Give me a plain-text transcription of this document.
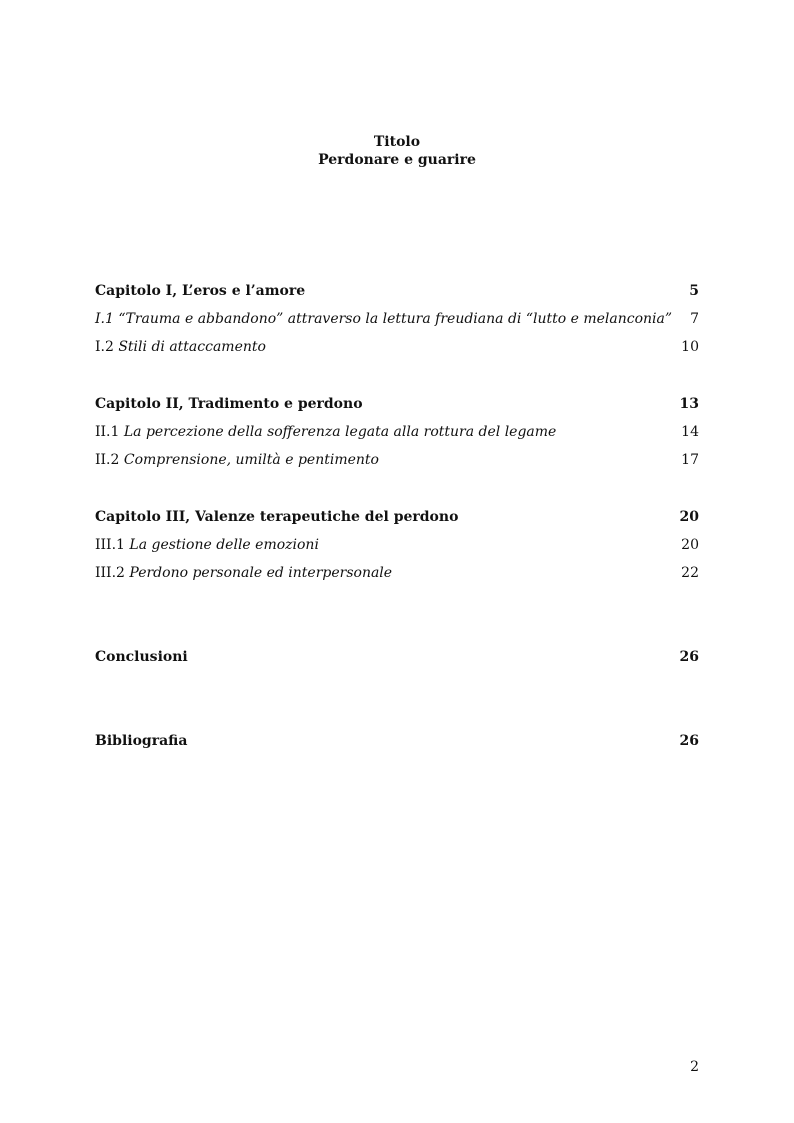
Titolo
Perdonare e guarire
Capitolo I, L’eros e l’amore	5
I.1 “Trauma e abbandono” attraverso la lettura freudiana di “lutto e melanconia” 7
I.2 Stili di attaccamento	10
Capitolo II, Tradimento e perdono	13
II.1 La percezione della sofferenza legata alla rottura del legame	14
II.2 Comprensione, umiltà e pentimento	17
Capitolo III, Valenze terapeutiche del perdono	20
III.1 La gestione delle emozioni	20
III.2 Perdono personale ed interpersonale	22
Conclusioni	26
Bibliografia	26
2
